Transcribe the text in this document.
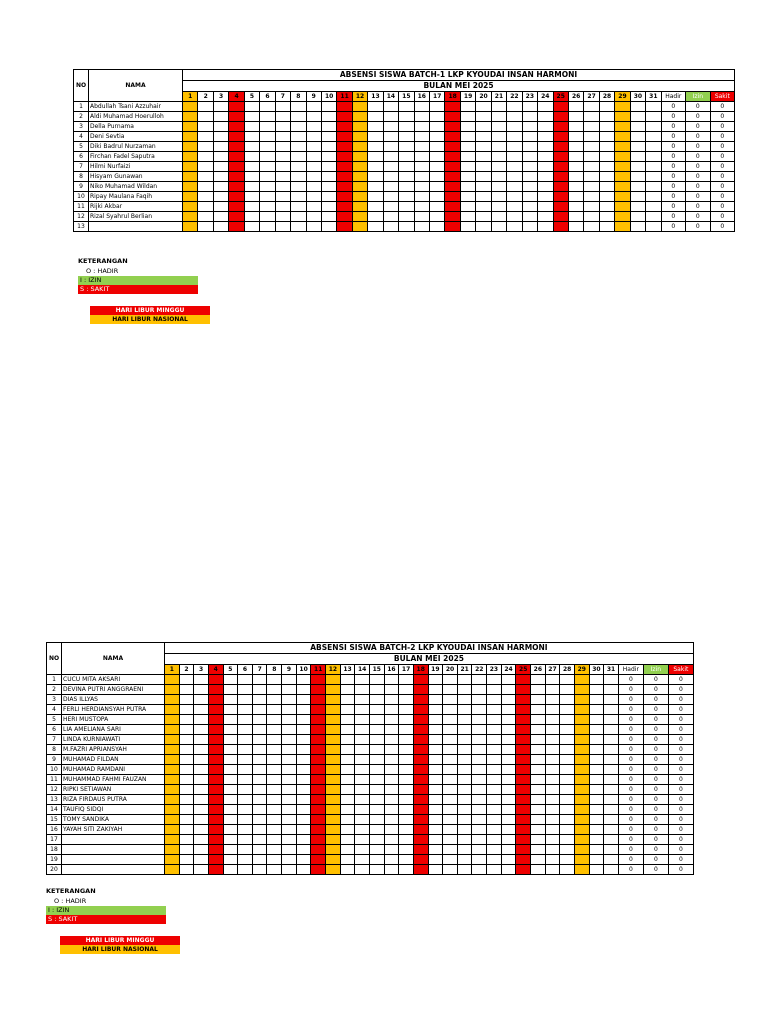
NO	NAMA	ABSENSI SISWA BATCH-1 LKP KYOUDAI INSAN HARMONI																																	
		BULAN MEI 2025																																	
		1	2	3	4	5	6	7	8	9	10	11	12	13	14	15	16	17	18	19	20	21	22	23	24	25	26	27	28	29	30	31	Hadir	Izin	Sakit
1	Abdullah Tsani Azzuhair																																0	0	0
2	Aldi Muhamad Hoerulloh																																0	0	0
3	Della Purnama																																0	0	0
4	Deni Sevtia																																0	0	0
5	Diki Badrul Nurzaman																																0	0	0
6	Firchan Fadel Saputra																																0	0	0
7	Hilmi Nurfaizi																																0	0	0
8	Hisyam Gunawan																																0	0	0
9	Niko Muhamad Wildan																																0	0	0
10	Ripay Maulana Faqih																																0	0	0
11	Rijki Akbar																																0	0	0
12	Rizal Syahrul Berlian																																0	0	0
13																																	0	0	0
KETERANGAN
O : HADIR
I : IZIN
S : SAKIT
HARI LIBUR MINGGU
HARI LIBUR NASIONAL
NO	NAMA	ABSENSI SISWA BATCH-2 LKP KYOUDAI INSAN HARMONI																																	
		BULAN MEI 2025																																	
		1	2	3	4	5	6	7	8	9	10	11	12	13	14	15	16	17	18	19	20	21	22	23	24	25	26	27	28	29	30	31	Hadir	Izin	Sakit
1	CUCU MITA AKSARI																																0	0	0
2	DEVINA PUTRI ANGGRAENI																																0	0	0
3	DIAS ILLYAS																																0	0	0
4	FERLI HERDIANSYAH PUTRA																																0	0	0
5	HERI MUSTOPA																																0	0	0
6	LIA AMELIANA SARI																																0	0	0
7	LINDA KURNIAWATI																																0	0	0
8	M.FAZRI APRIANSYAH																																0	0	0
9	MUHAMAD FILDAN																																0	0	0
10	MUHAMAD RAMDANI																																0	0	0
11	MUHAMMAD FAHMI FAUZAN																																0	0	0
12	RIPKI SETIAWAN																																0	0	0
13	RIZA FIRDAUS PUTRA																																0	0	0
14	TAUFIQ SIDQI																																0	0	0
15	TOMY SANDIKA																																0	0	0
16	YAYAH SITI ZAKIYAH																																0	0	0
17																																	0	0	0
18																																	0	0	0
19																																	0	0	0
20																																	0	0	0
KETERANGAN
O : HADIR
I : IZIN
S : SAKIT
HARI LIBUR MINGGU
HARI LIBUR NASIONAL
